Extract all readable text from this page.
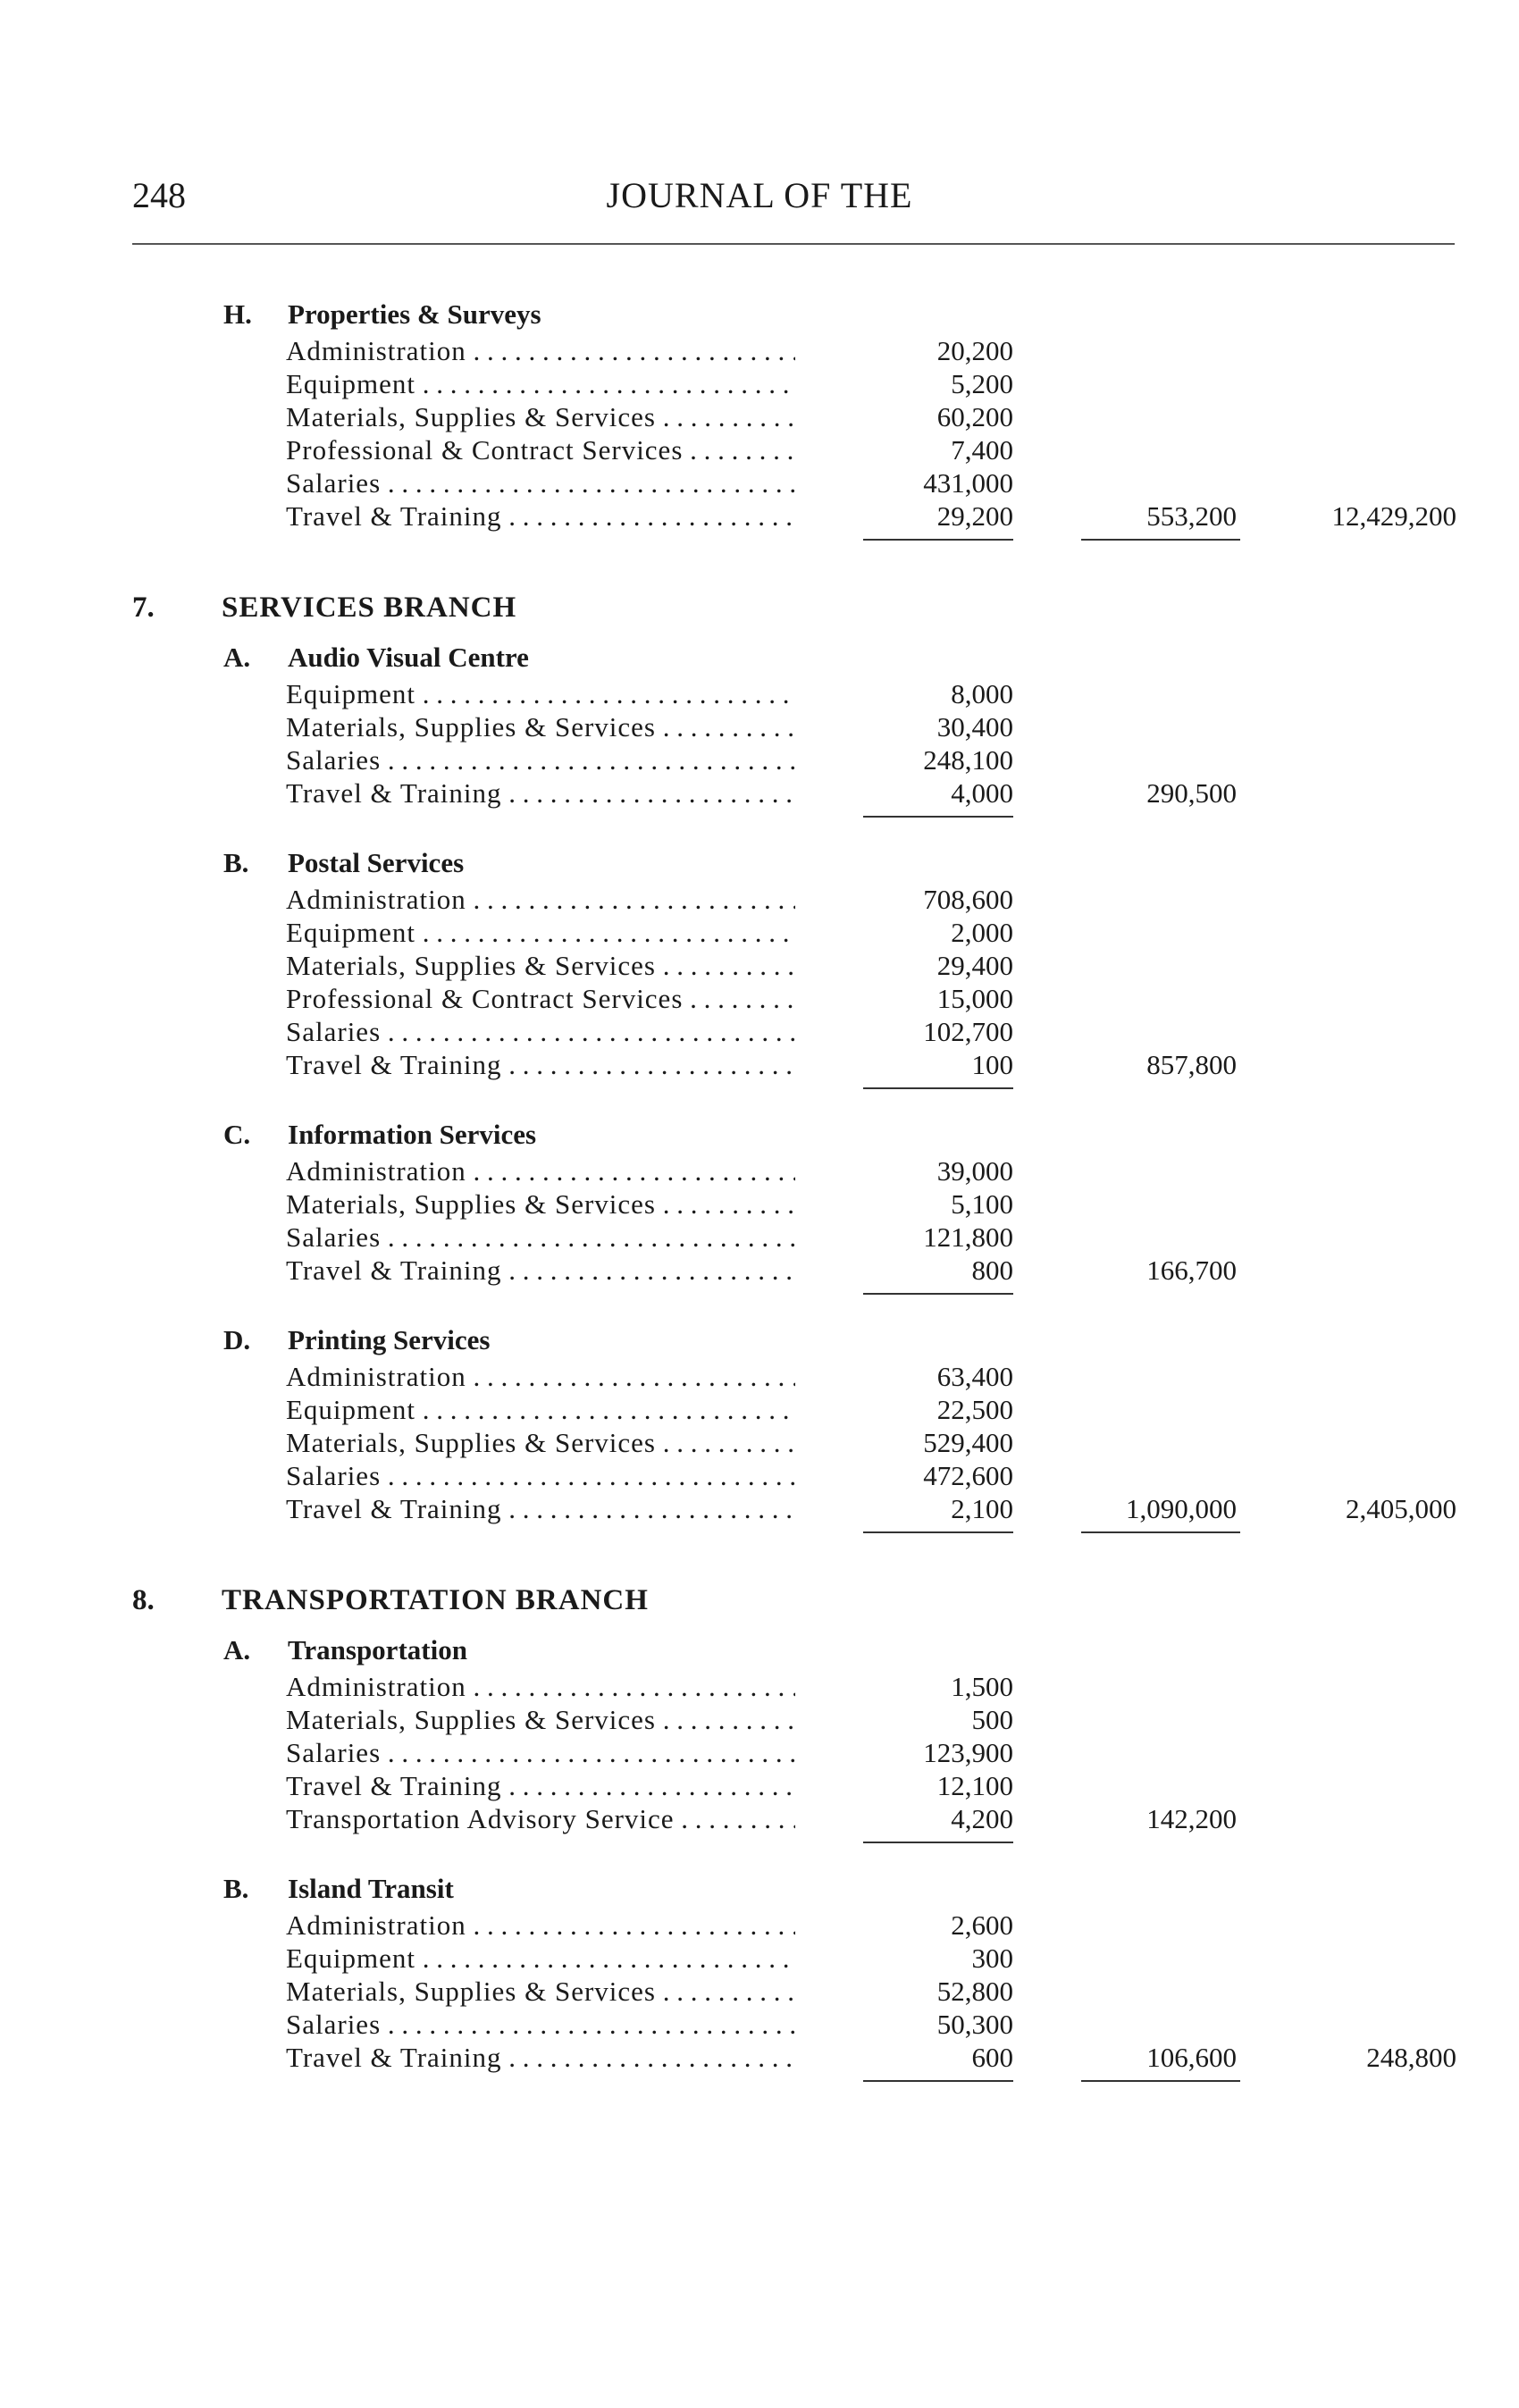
248	JOURNAL OF THE
H. Properties & Surveys
Administration . . .	20,200
Equipment . . .	5,200
Materials, Supplies & Services . . .	60,200
Professional & Contract Services . . .	7,400
Salaries . . .	431,000
Travel & Training . . .	29,200	553,200	12,429,200
7. SERVICES BRANCH
A. Audio Visual Centre
Equipment . . .	8,000
Materials, Supplies & Services . . .	30,400
Salaries . . .	248,100
Travel & Training . . .	4,000	290,500
B. Postal Services
Administration . . .	708,600
Equipment . . .	2,000
Materials, Supplies & Services . . .	29,400
Professional & Contract Services . . .	15,000
Salaries . . .	102,700
Travel & Training . . .	100	857,800
C. Information Services
Administration . . .	39,000
Materials, Supplies & Services . . .	5,100
Salaries . . .	121,800
Travel & Training . . .	800	166,700
D. Printing Services
Administration . . .	63,400
Equipment . . .	22,500
Materials, Supplies & Services . . .	529,400
Salaries . . .	472,600
Travel & Training . . .	2,100	1,090,000	2,405,000
8. TRANSPORTATION BRANCH
A. Transportation
Administration . . .	1,500
Materials, Supplies & Services . . .	500
Salaries . . .	123,900
Travel & Training . . .	12,100
Transportation Advisory Service . . .	4,200	142,200
B. Island Transit
Administration . . .	2,600
Equipment . . .	300
Materials, Supplies & Services . . .	52,800
Salaries . . .	50,300
Travel & Training . . .	600	106,600	248,800
